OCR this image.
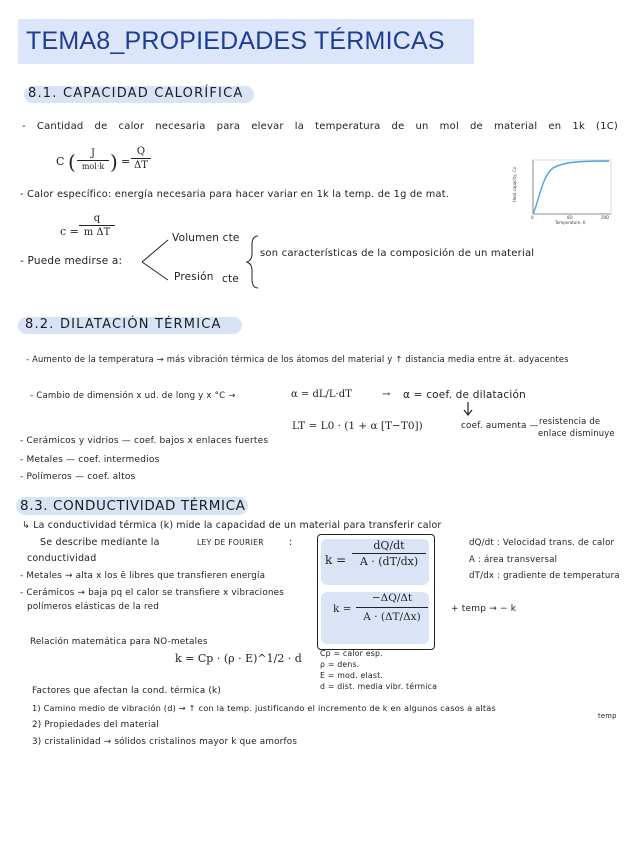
TEMA8_PROPIEDADES TÉRMICAS
8.1. CAPACIDAD CALORÍFICA
- Cantidad de calor necesaria para elevar la temperatura de un mol de material en 1k (1C)
C ( J
mol·k ) =
Q
ΔT
Heat capacity, Cv
0	θD	2θD
Temperature, K
- Calor específico: energía necesaria para hacer variar en 1k la temp. de 1g de mat.
c =
q
m ΔT
- Puede medirse a:
Volumen cte
Presión cte
son características de la composición de un material
8.2. DILATACIÓN TÉRMICA
- Aumento de la temperatura → más vibración térmica de los átomos del material y ↑ distancia media entre át. adyacentes
- Cambio de dimensión x ud. de long y x °C →	α = dL/L·dT	→ α = coef. de dilatación
LT = L0 · (1 + α [T−T0])	coef. aumenta — resistencia de
enlace disminuye
- Cerámicos y vidrios — coef. bajos x enlaces fuertes
- Metales — coef. intermedios
- Polímeros — coef. altos
8.3. CONDUCTIVIDAD TÉRMICA
↳ La conductividad térmica (k) mide la capacidad de un material para transferir calor
Se describe mediante la	LEY DE FOURIER	:
conductividad
- Metales → alta x los ē libres que transfieren energía
- Cerámicos → baja pq el calor se transfiere x vibraciones
polímeros elásticas de la red
k =
dQ/dt
A · (dT/dx)
k =
−ΔQ/Δt
A · (ΔT/Δx)
dQ/dt : Velocidad trans. de calor
A : área transversal
dT/dx : gradiente de temperatura
+ temp → − k
Relación matemática para NO-metales
k = Cp · (ρ · E)^1/2 · d Cp = calor esp.
ρ = dens.
E = mod. elast.
d = dist. media vibr. térmica
Factores que afectan la cond. térmica (k)
1) Camino medio de vibración (d) → ↑ con la temp. justificando el incremento de k en algunos casos a altas
temp
2) Propiedades del material
3) cristalinidad → sólidos cristalinos mayor k que amorfos
